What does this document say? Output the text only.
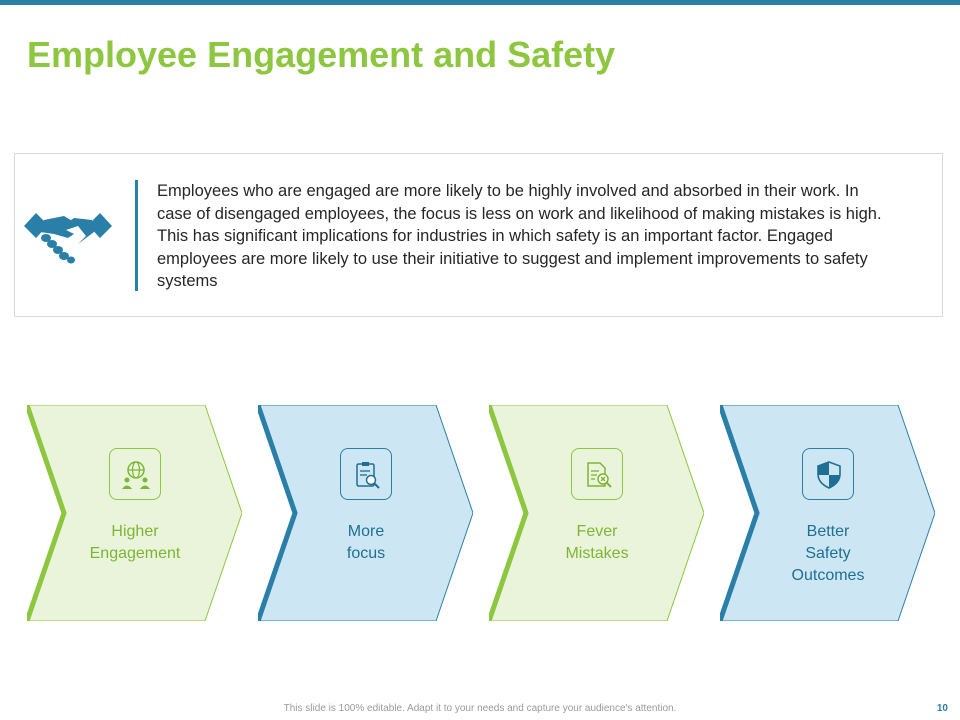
Employee Engagement and Safety

Employees who are engaged are more likely to be highly involved and absorbed in their work. In case of disengaged employees, the focus is less on work and likelihood of making mistakes is high. This has significant implications for industries in which safety is an important factor. Engaged employees are more likely to use their initiative to suggest and implement improvements to safety systems

Higher Engagement

More focus

Fever Mistakes

Better Safety Outcomes

This slide is 100% editable. Adapt it to your needs and capture your audience's attention.	10
